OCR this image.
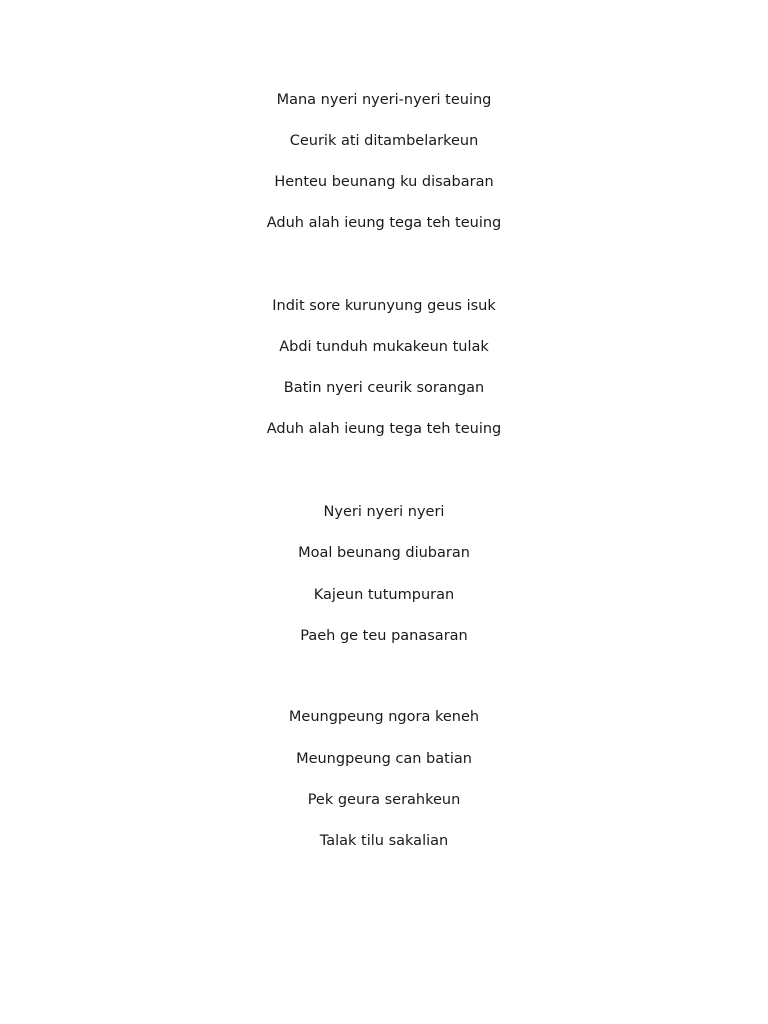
Mana nyeri nyeri-nyeri teuing
Ceurik ati ditambelarkeun
Henteu beunang ku disabaran
Aduh alah ieung tega teh teuing
Indit sore kurunyung geus isuk
Abdi tunduh mukakeun tulak
Batin nyeri ceurik sorangan
Aduh alah ieung tega teh teuing
Nyeri nyeri nyeri
Moal beunang diubaran
Kajeun tutumpuran
Paeh ge teu panasaran
Meungpeung ngora keneh
Meungpeung can batian
Pek geura serahkeun
Talak tilu sakalian
